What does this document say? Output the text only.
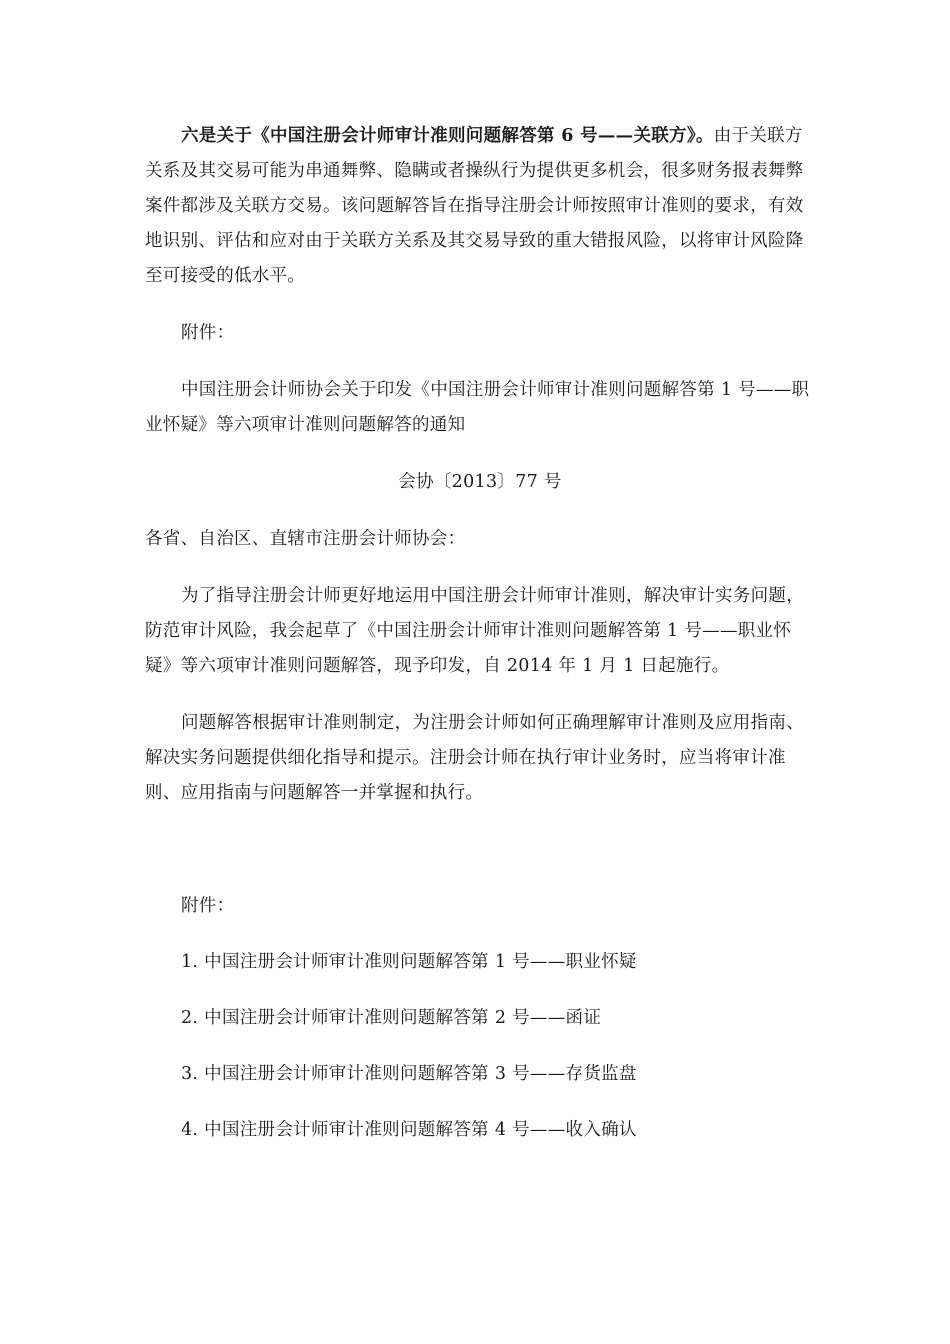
六是关于《中国注册会计师审计准则问题解答第 6 号——关联方》。由于关联方关系及其交易可能为串通舞弊、隐瞒或者操纵行为提供更多机会，很多财务报表舞弊案件都涉及关联方交易。该问题解答旨在指导注册会计师按照审计准则的要求，有效地识别、评估和应对由于关联方关系及其交易导致的重大错报风险，以将审计风险降至可接受的低水平。

附件：

中国注册会计师协会关于印发《中国注册会计师审计准则问题解答第 1 号——职业怀疑》等六项审计准则问题解答的通知

会协〔2013〕77 号

各省、自治区、直辖市注册会计师协会：

为了指导注册会计师更好地运用中国注册会计师审计准则，解决审计实务问题，防范审计风险，我会起草了《中国注册会计师审计准则问题解答第 1 号——职业怀疑》等六项审计准则问题解答，现予印发，自 2014 年 1 月 1 日起施行。

问题解答根据审计准则制定，为注册会计师如何正确理解审计准则及应用指南、解决实务问题提供细化指导和提示。注册会计师在执行审计业务时，应当将审计准则、应用指南与问题解答一并掌握和执行。

附件：

1. 中国注册会计师审计准则问题解答第 1 号——职业怀疑

2. 中国注册会计师审计准则问题解答第 2 号——函证

3. 中国注册会计师审计准则问题解答第 3 号——存货监盘

4. 中国注册会计师审计准则问题解答第 4 号——收入确认
